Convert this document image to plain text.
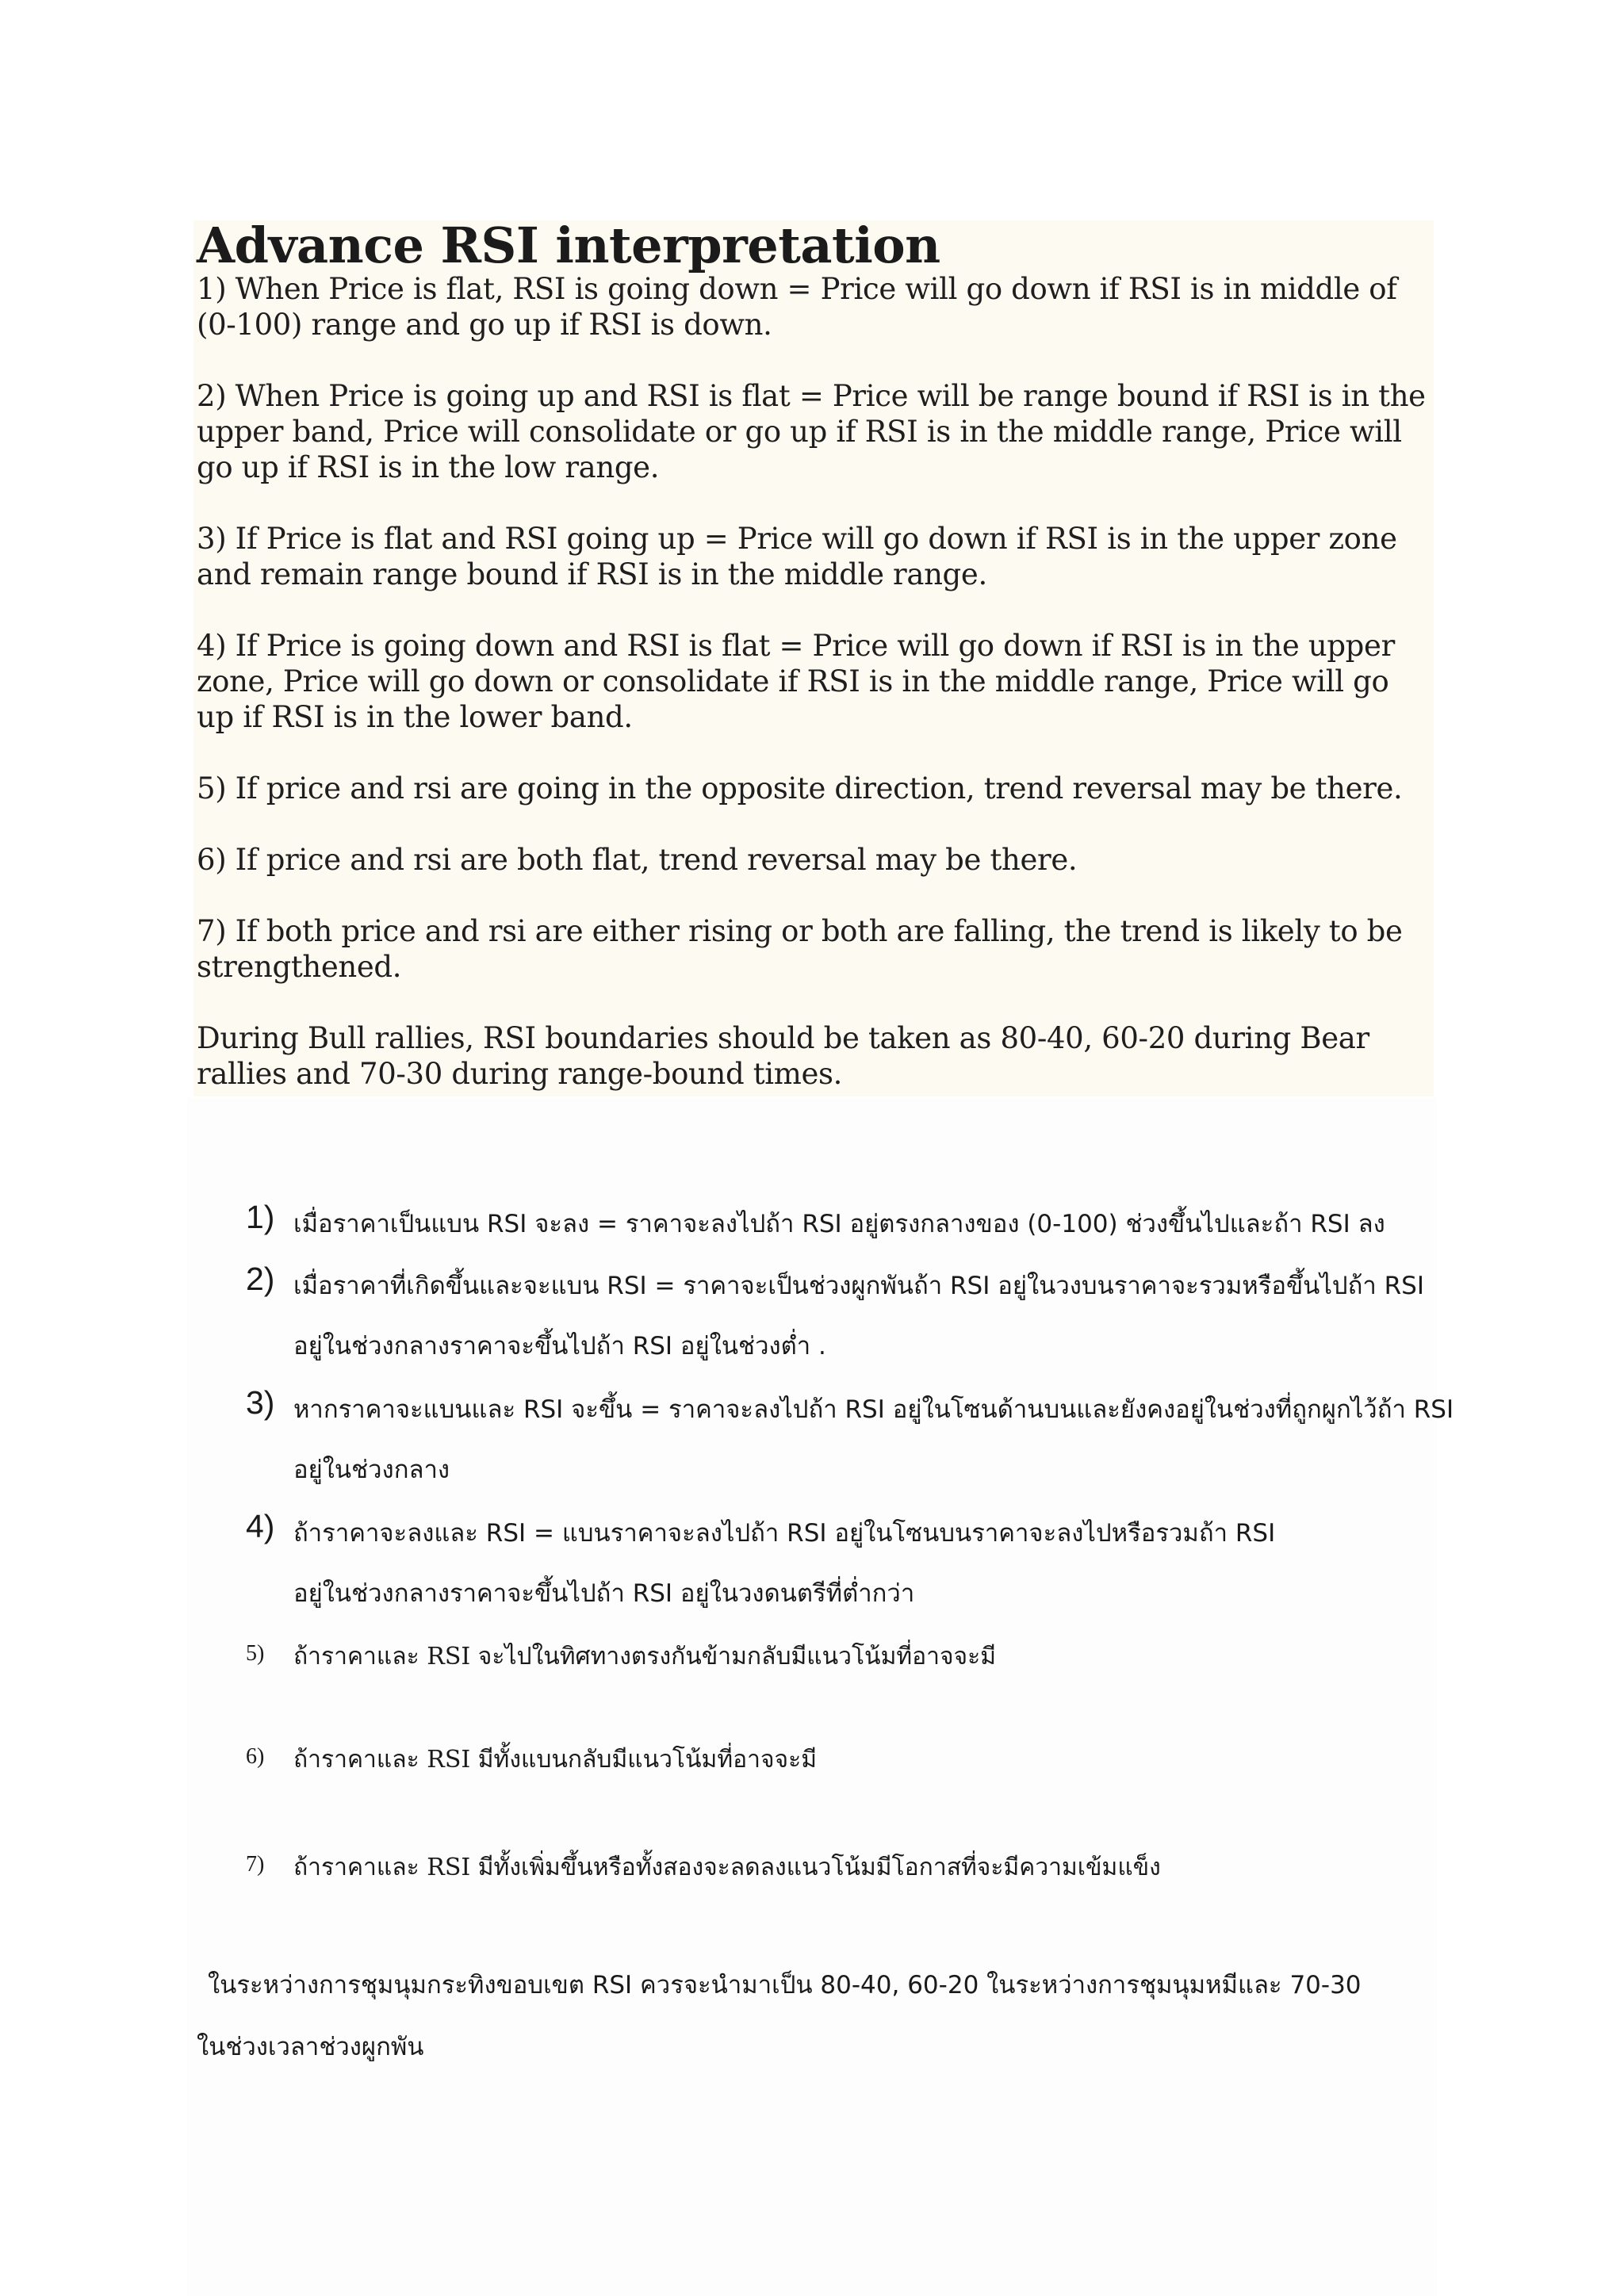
Advance RSI interpretation

1) When Price is flat, RSI is going down = Price will go down if RSI is in middle of (0-100) range and go up if RSI is down.

2) When Price is going up and RSI is flat = Price will be range bound if RSI is in the upper band, Price will consolidate or go up if RSI is in the middle range, Price will go up if RSI is in the low range.

3) If Price is flat and RSI going up = Price will go down if RSI is in the upper zone and remain range bound if RSI is in the middle range.

4) If Price is going down and RSI is flat = Price will go down if RSI is in the upper zone, Price will go down or consolidate if RSI is in the middle range, Price will go up if RSI is in the lower band.

5) If price and rsi are going in the opposite direction, trend reversal may be there.

6) If price and rsi are both flat, trend reversal may be there.

7) If both price and rsi are either rising or both are falling, the trend is likely to be strengthened.

During Bull rallies, RSI boundaries should be taken as 80-40, 60-20 during Bear rallies and 70-30 during range-bound times.

1) เมื่อราคาเป็นแบน RSI จะลง = ราคาจะลงไปถ้า RSI อยู่ตรงกลางของ (0-100) ช่วงขึ้นไปและถ้า RSI ลง
2) เมื่อราคาที่เกิดขึ้นและจะแบน RSI = ราคาจะเป็นช่วงผูกพันถ้า RSI อยู่ในวงบนราคาจะรวมหรือขึ้นไปถ้า RSI
อยู่ในช่วงกลางราคาจะขึ้นไปถ้า RSI อยู่ในช่วงต่ำ .
3) หากราคาจะแบนและ RSI จะขึ้น = ราคาจะลงไปถ้า RSI อยู่ในโซนด้านบนและยังคงอยู่ในช่วงที่ถูกผูกไว้ถ้า RSI
อยู่ในช่วงกลาง
4) ถ้าราคาจะลงและ RSI = แบนราคาจะลงไปถ้า RSI อยู่ในโซนบนราคาจะลงไปหรือรวมถ้า RSI
อยู่ในช่วงกลางราคาจะขึ้นไปถ้า RSI อยู่ในวงดนตรีที่ต่ำกว่า
5) ถ้าราคาและ RSI จะไปในทิศทางตรงกันข้ามกลับมีแนวโน้มที่อาจจะมี
6) ถ้าราคาและ RSI มีทั้งแบนกลับมีแนวโน้มที่อาจจะมี
7) ถ้าราคาและ RSI มีทั้งเพิ่มขึ้นหรือทั้งสองจะลดลงแนวโน้มมีโอกาสที่จะมีความเข้มแข็ง

ในระหว่างการชุมนุมกระทิงขอบเขต RSI ควรจะนำมาเป็น 80-40, 60-20 ในระหว่างการชุมนุมหมีและ 70-30

ในช่วงเวลาช่วงผูกพัน
